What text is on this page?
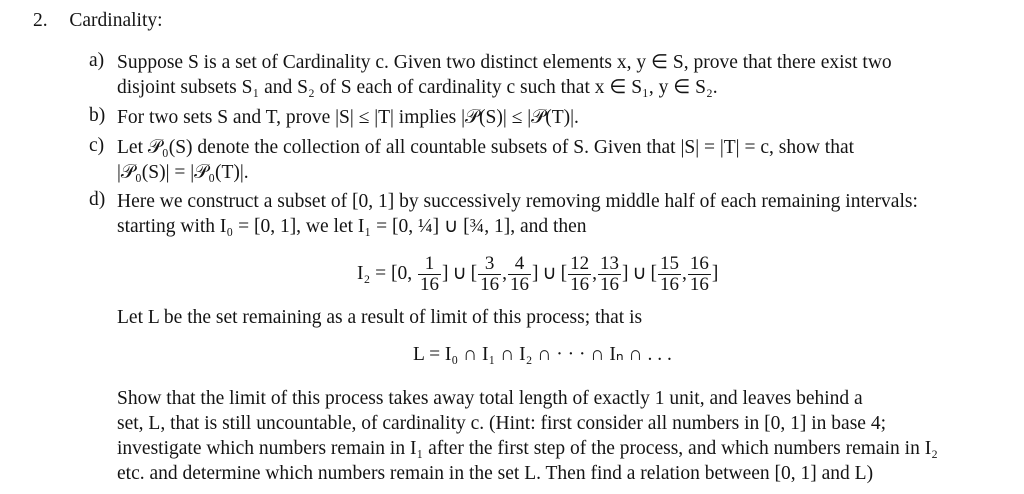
2. Cardinality:
a) Suppose S is a set of Cardinality c. Given two distinct elements x, y ∈ S, prove that there exist two
disjoint subsets S₁ and S₂ of S each of cardinality c such that x ∈ S₁, y ∈ S₂.
b) For two sets S and T, prove |S| ≤ |T| implies |𝒫(S)| ≤ |𝒫(T)|.
c) Let 𝒫₀(S) denote the collection of all countable subsets of S. Given that |S| = |T| = c, show that
|𝒫₀(S)| = |𝒫₀(T)|.
d) Here we construct a subset of [0, 1] by successively removing middle half of each remaining intervals:
starting with I₀ = [0, 1], we let I₁ = [0, ¼] ∪ [¾, 1], and then
I₂ = [0, $\frac{1}{16}$ ] ∪ [ $\frac{3}{16}$ , $\frac{4}{16}$ ] ∪ [ $\frac{12}{16}$ , $\frac{13}{16}$ ] ∪ [ $\frac{15}{16}$ , $\frac{16}{16}$ ]
Let L be the set remaining as a result of limit of this process; that is
L = I₀ ∩ I₁ ∩ I₂ ∩ · · · ∩ Iₙ ∩ . . .
Show that the limit of this process takes away total length of exactly 1 unit, and leaves behind a
set, L, that is still uncountable, of cardinality c. (Hint: first consider all numbers in [0, 1] in base 4;
investigate which numbers remain in I₁ after the first step of the process, and which numbers remain in I₂
etc. and determine which numbers remain in the set L. Then find a relation between [0, 1] and L)
